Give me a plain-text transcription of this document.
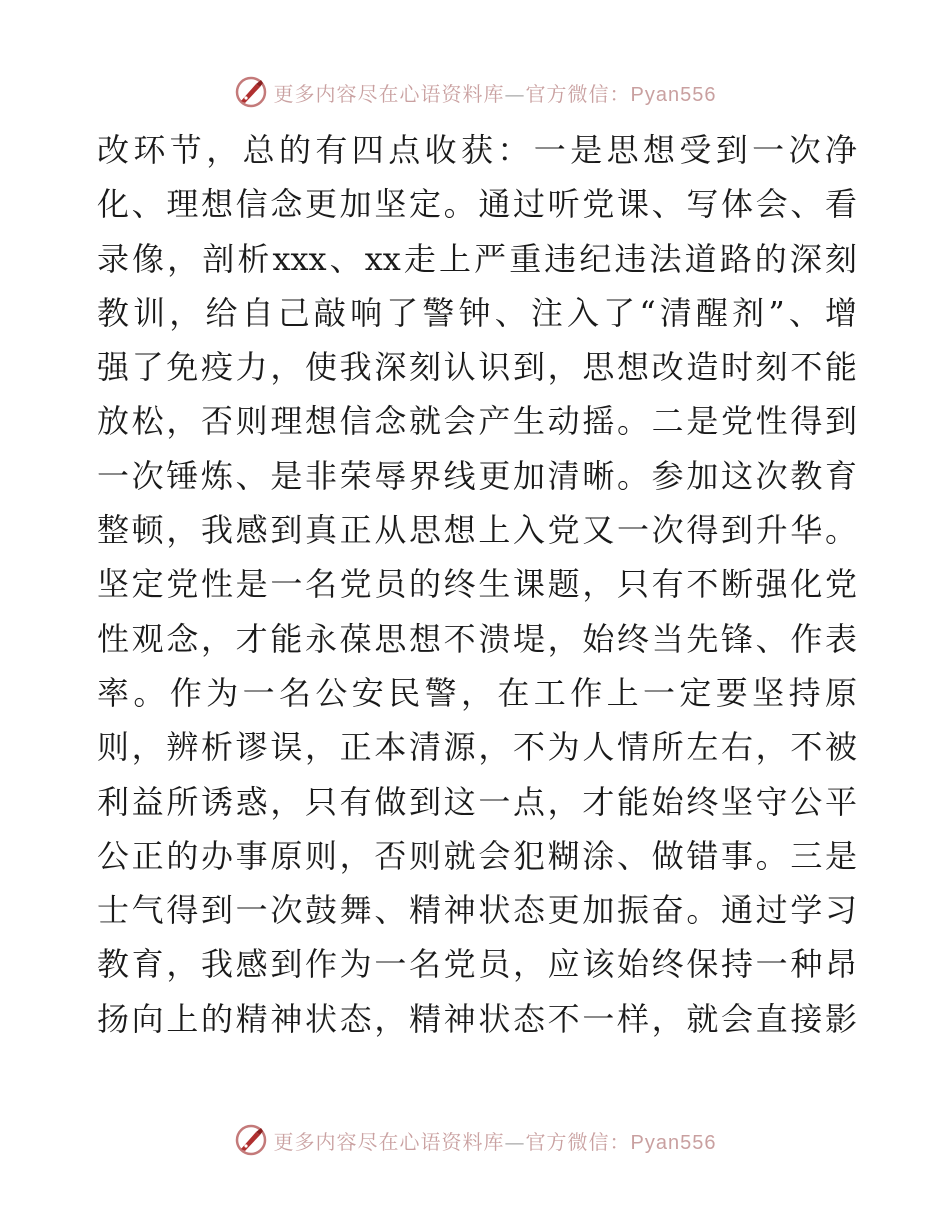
更多内容尽在心语资料库—官方微信：Pyan556
改环节，总的有四点收获：一是思想受到一次净
化、理想信念更加坚定。通过听党课、写体会、看
录像，剖析xxx、xx走上严重违纪违法道路的深刻
教训，给自己敲响了警钟、注入了“清醒剂”、增
强了免疫力，使我深刻认识到，思想改造时刻不能
放松，否则理想信念就会产生动摇。二是党性得到
一次锤炼、是非荣辱界线更加清晰。参加这次教育
整顿，我感到真正从思想上入党又一次得到升华。
坚定党性是一名党员的终生课题，只有不断强化党
性观念，才能永葆思想不溃堤，始终当先锋、作表
率。作为一名公安民警，在工作上一定要坚持原
则，辨析谬误，正本清源，不为人情所左右，不被
利益所诱惑，只有做到这一点，才能始终坚守公平
公正的办事原则，否则就会犯糊涂、做错事。三是
士气得到一次鼓舞、精神状态更加振奋。通过学习
教育，我感到作为一名党员，应该始终保持一种昂
扬向上的精神状态，精神状态不一样，就会直接影
更多内容尽在心语资料库—官方微信：Pyan556
